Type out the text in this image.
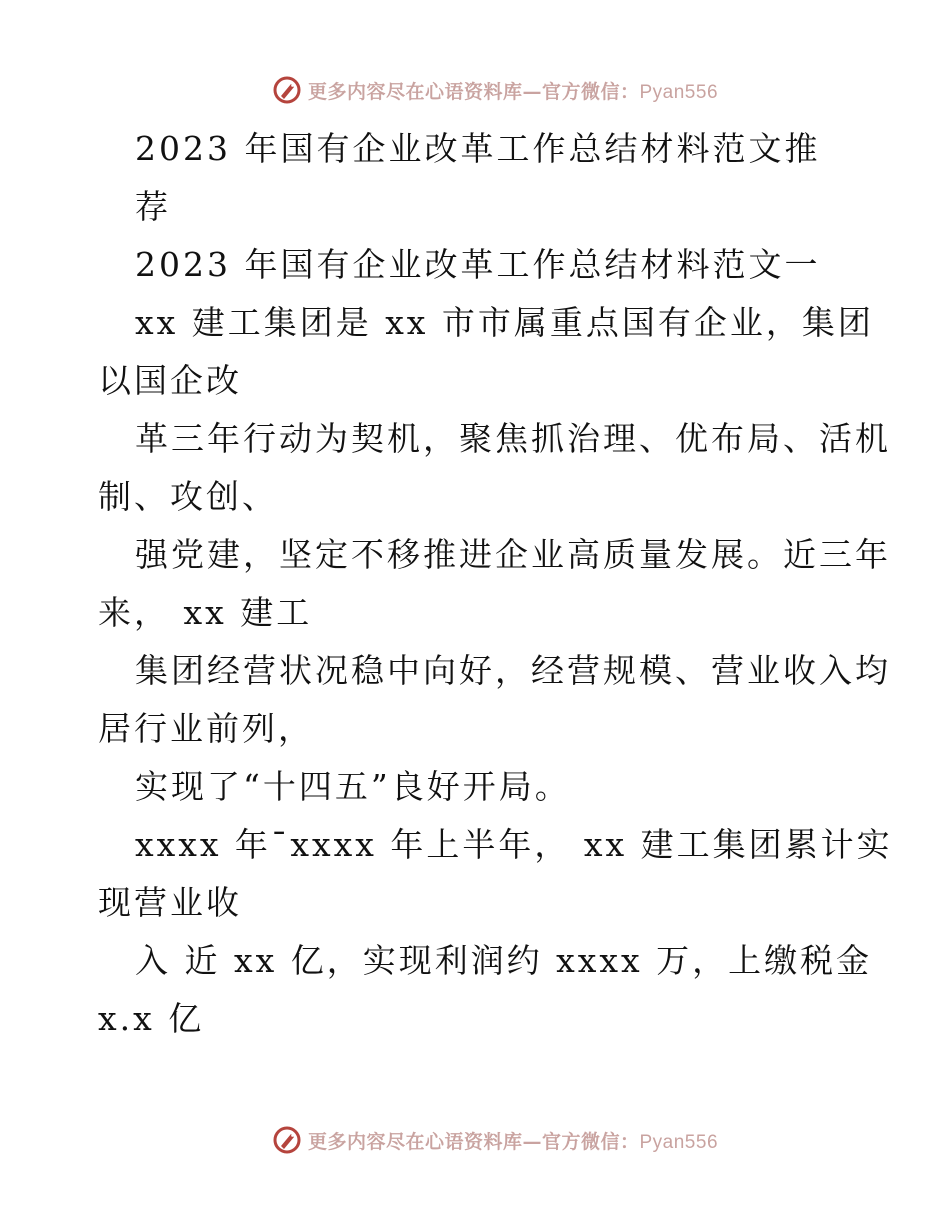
更多内容尽在心语资料库—官方微信：Pyan556
2023 年国有企业改革工作总结材料范文推
荐
2023 年国有企业改革工作总结材料范文一
xx 建工集团是 xx 市市属重点国有企业，集团
以国企改
革三年行动为契机，聚焦抓治理、优布局、活机
制、攻创、
强党建，坚定不移推进企业高质量发展。近三年
来， xx 建工
集团经营状况稳中向好，经营规模、营业收入均
居行业前列，
实现了“十四五”良好开局。
xxxx 年¯xxxx 年上半年， xx 建工集团累计实
现营业收
入 近 xx 亿，实现利润约 xxxx 万，上缴税金
x.x 亿
更多内容尽在心语资料库—官方微信：Pyan556
